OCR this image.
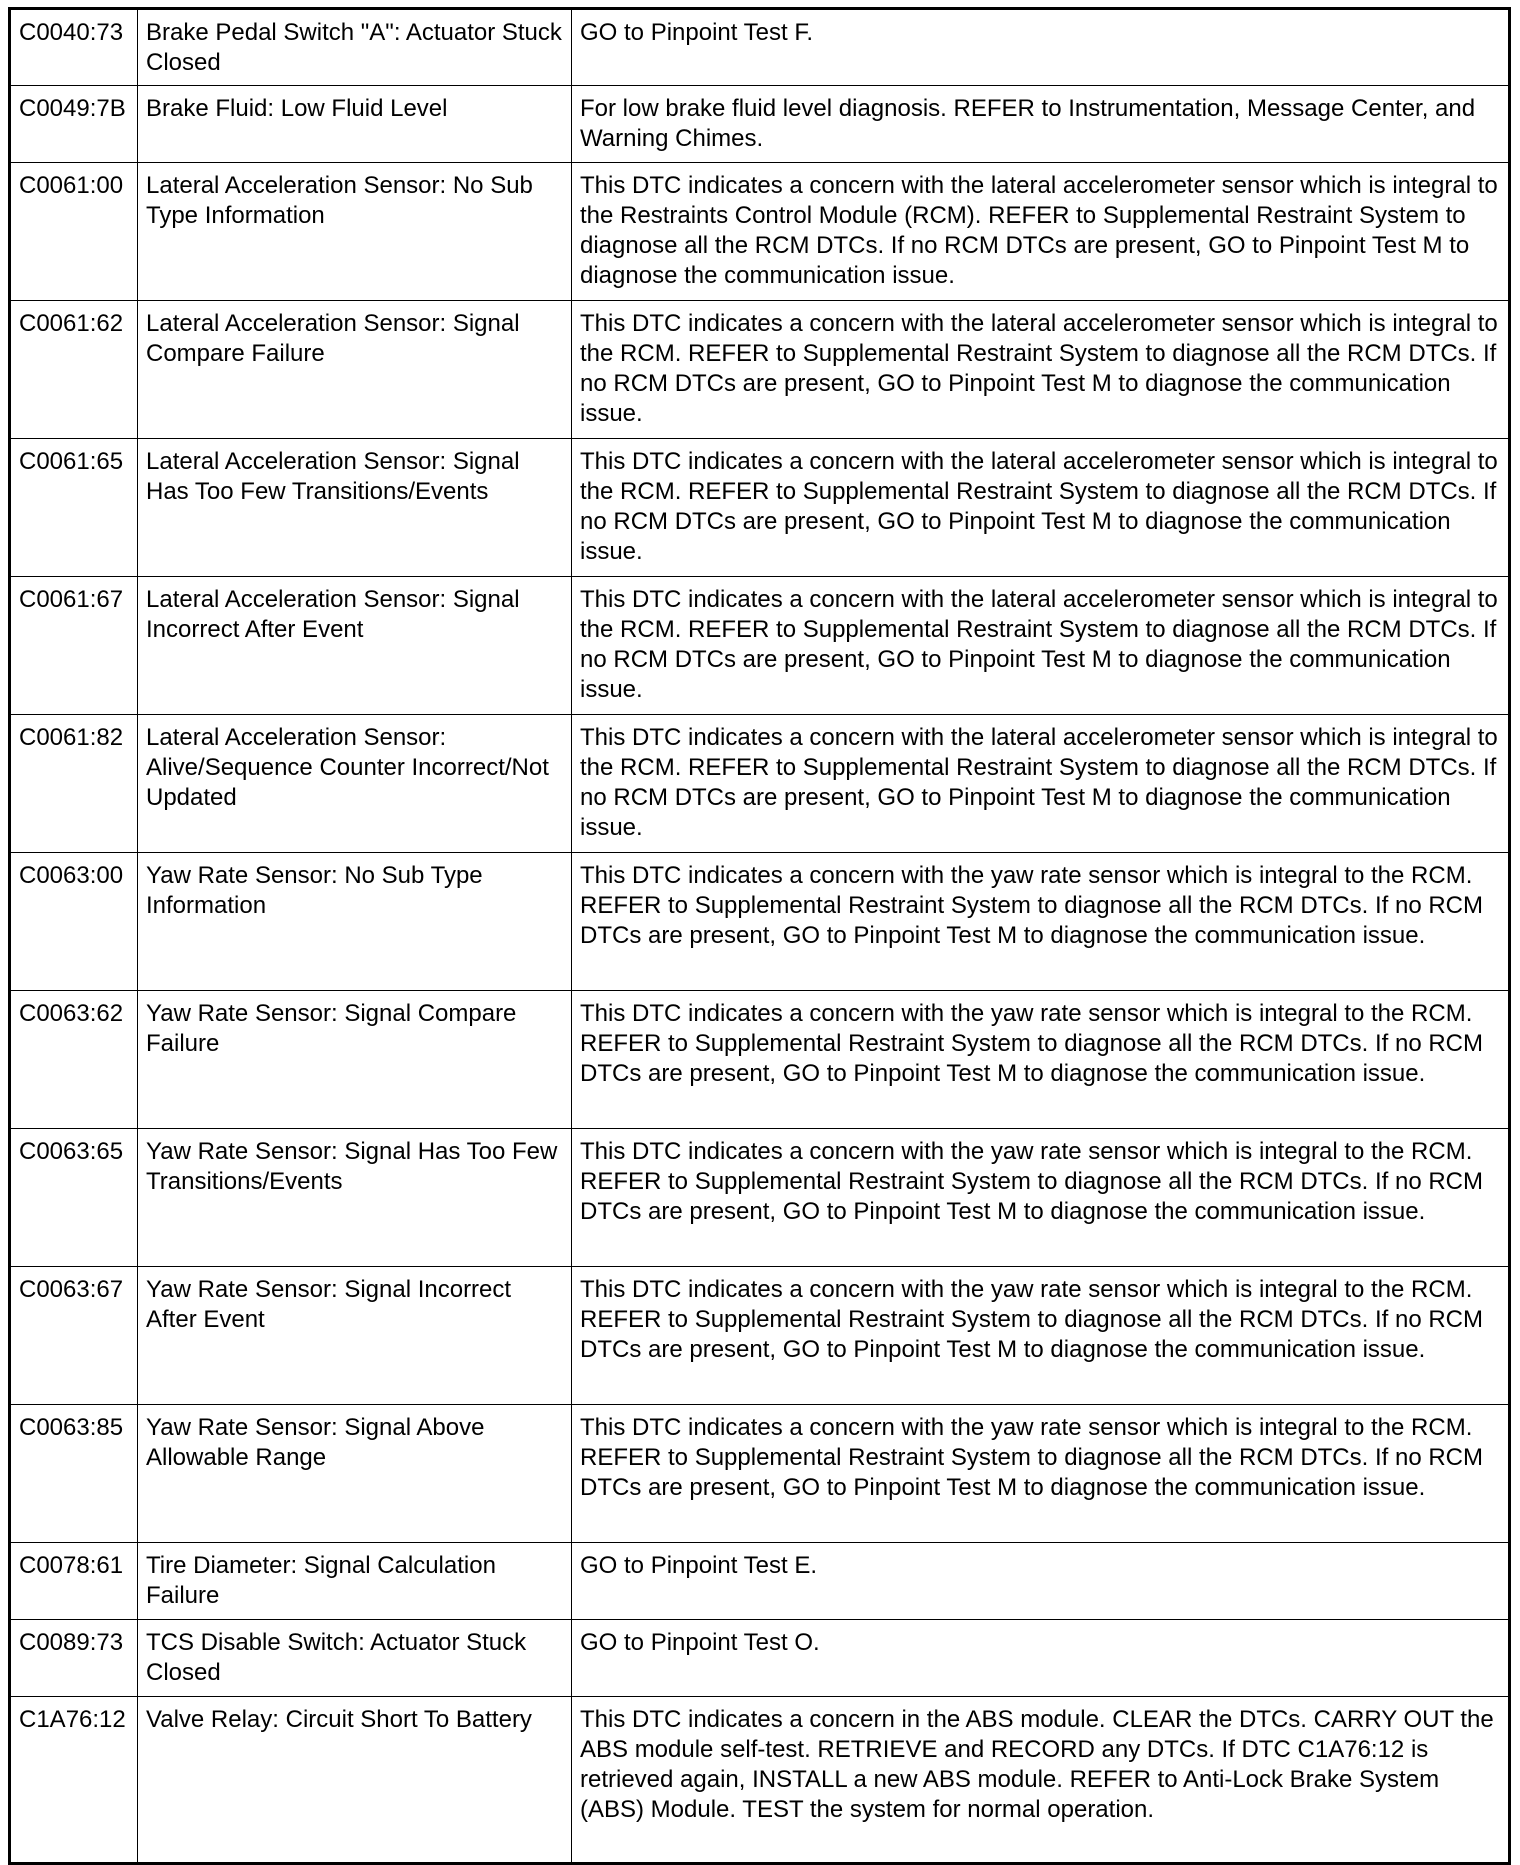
C0040:73	Brake Pedal Switch "A": Actuator Stuck Closed	GO to Pinpoint Test F.
C0049:7B	Brake Fluid: Low Fluid Level	For low brake fluid level diagnosis. REFER to Instrumentation, Message Center, and Warning Chimes.
C0061:00	Lateral Acceleration Sensor: No Sub Type Information	This DTC indicates a concern with the lateral accelerometer sensor which is integral to the Restraints Control Module (RCM). REFER to Supplemental Restraint System to diagnose all the RCM DTCs. If no RCM DTCs are present, GO to Pinpoint Test M to diagnose the communication issue.
C0061:62	Lateral Acceleration Sensor: Signal Compare Failure	This DTC indicates a concern with the lateral accelerometer sensor which is integral to the RCM. REFER to Supplemental Restraint System to diagnose all the RCM DTCs. If no RCM DTCs are present, GO to Pinpoint Test M to diagnose the communication issue.
C0061:65	Lateral Acceleration Sensor: Signal Has Too Few Transitions/Events	This DTC indicates a concern with the lateral accelerometer sensor which is integral to the RCM. REFER to Supplemental Restraint System to diagnose all the RCM DTCs. If no RCM DTCs are present, GO to Pinpoint Test M to diagnose the communication issue.
C0061:67	Lateral Acceleration Sensor: Signal Incorrect After Event	This DTC indicates a concern with the lateral accelerometer sensor which is integral to the RCM. REFER to Supplemental Restraint System to diagnose all the RCM DTCs. If no RCM DTCs are present, GO to Pinpoint Test M to diagnose the communication issue.
C0061:82	Lateral Acceleration Sensor: Alive/Sequence Counter Incorrect/Not Updated	This DTC indicates a concern with the lateral accelerometer sensor which is integral to the RCM. REFER to Supplemental Restraint System to diagnose all the RCM DTCs. If no RCM DTCs are present, GO to Pinpoint Test M to diagnose the communication issue.
C0063:00	Yaw Rate Sensor: No Sub Type Information	This DTC indicates a concern with the yaw rate sensor which is integral to the RCM. REFER to Supplemental Restraint System to diagnose all the RCM DTCs. If no RCM DTCs are present, GO to Pinpoint Test M to diagnose the communication issue.
C0063:62	Yaw Rate Sensor: Signal Compare Failure	This DTC indicates a concern with the yaw rate sensor which is integral to the RCM. REFER to Supplemental Restraint System to diagnose all the RCM DTCs. If no RCM DTCs are present, GO to Pinpoint Test M to diagnose the communication issue.
C0063:65	Yaw Rate Sensor: Signal Has Too Few Transitions/Events	This DTC indicates a concern with the yaw rate sensor which is integral to the RCM. REFER to Supplemental Restraint System to diagnose all the RCM DTCs. If no RCM DTCs are present, GO to Pinpoint Test M to diagnose the communication issue.
C0063:67	Yaw Rate Sensor: Signal Incorrect After Event	This DTC indicates a concern with the yaw rate sensor which is integral to the RCM. REFER to Supplemental Restraint System to diagnose all the RCM DTCs. If no RCM DTCs are present, GO to Pinpoint Test M to diagnose the communication issue.
C0063:85	Yaw Rate Sensor: Signal Above Allowable Range	This DTC indicates a concern with the yaw rate sensor which is integral to the RCM. REFER to Supplemental Restraint System to diagnose all the RCM DTCs. If no RCM DTCs are present, GO to Pinpoint Test M to diagnose the communication issue.
C0078:61	Tire Diameter: Signal Calculation Failure	GO to Pinpoint Test E.
C0089:73	TCS Disable Switch: Actuator Stuck Closed	GO to Pinpoint Test O.
C1A76:12	Valve Relay: Circuit Short To Battery	This DTC indicates a concern in the ABS module. CLEAR the DTCs. CARRY OUT the ABS module self-test. RETRIEVE and RECORD any DTCs. If DTC C1A76:12 is retrieved again, INSTALL a new ABS module. REFER to Anti-Lock Brake System (ABS) Module. TEST the system for normal operation.
